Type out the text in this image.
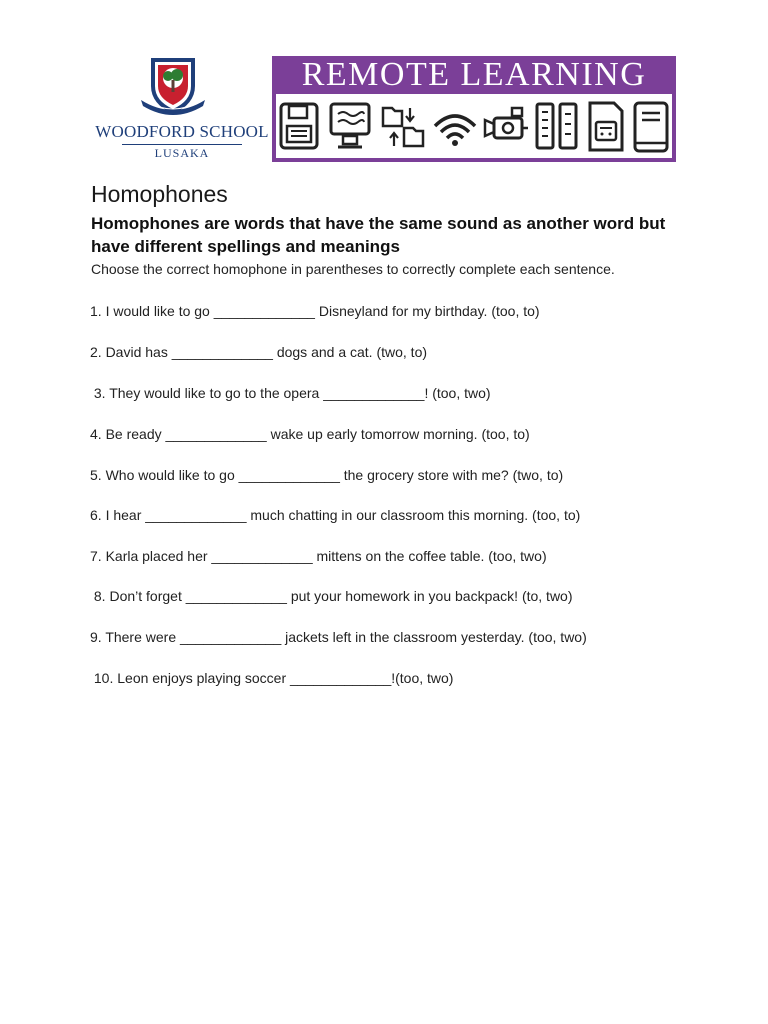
WOODFORD SCHOOL
LUSAKA
REMOTE LEARNING
Homophones
Homophones are words that have the same sound as another word but have different spellings and meanings
Choose the correct homophone in parentheses to correctly complete each sentence.
1. I would like to go _____________ Disneyland for my birthday. (too, to)
2. David has _____________ dogs and a cat. (two, to)
3. They would like to go to the opera _____________! (too, two)
4. Be ready _____________ wake up early tomorrow morning. (too, to)
5. Who would like to go _____________ the grocery store with me? (two, to)
6. I hear _____________ much chatting in our classroom this morning. (too, to)
7. Karla placed her _____________ mittens on the coffee table. (too, two)
8. Don’t forget _____________ put your homework in you backpack! (to, two)
9. There were _____________ jackets left in the classroom yesterday. (too, two)
10. Leon enjoys playing soccer _____________!(too, two)
